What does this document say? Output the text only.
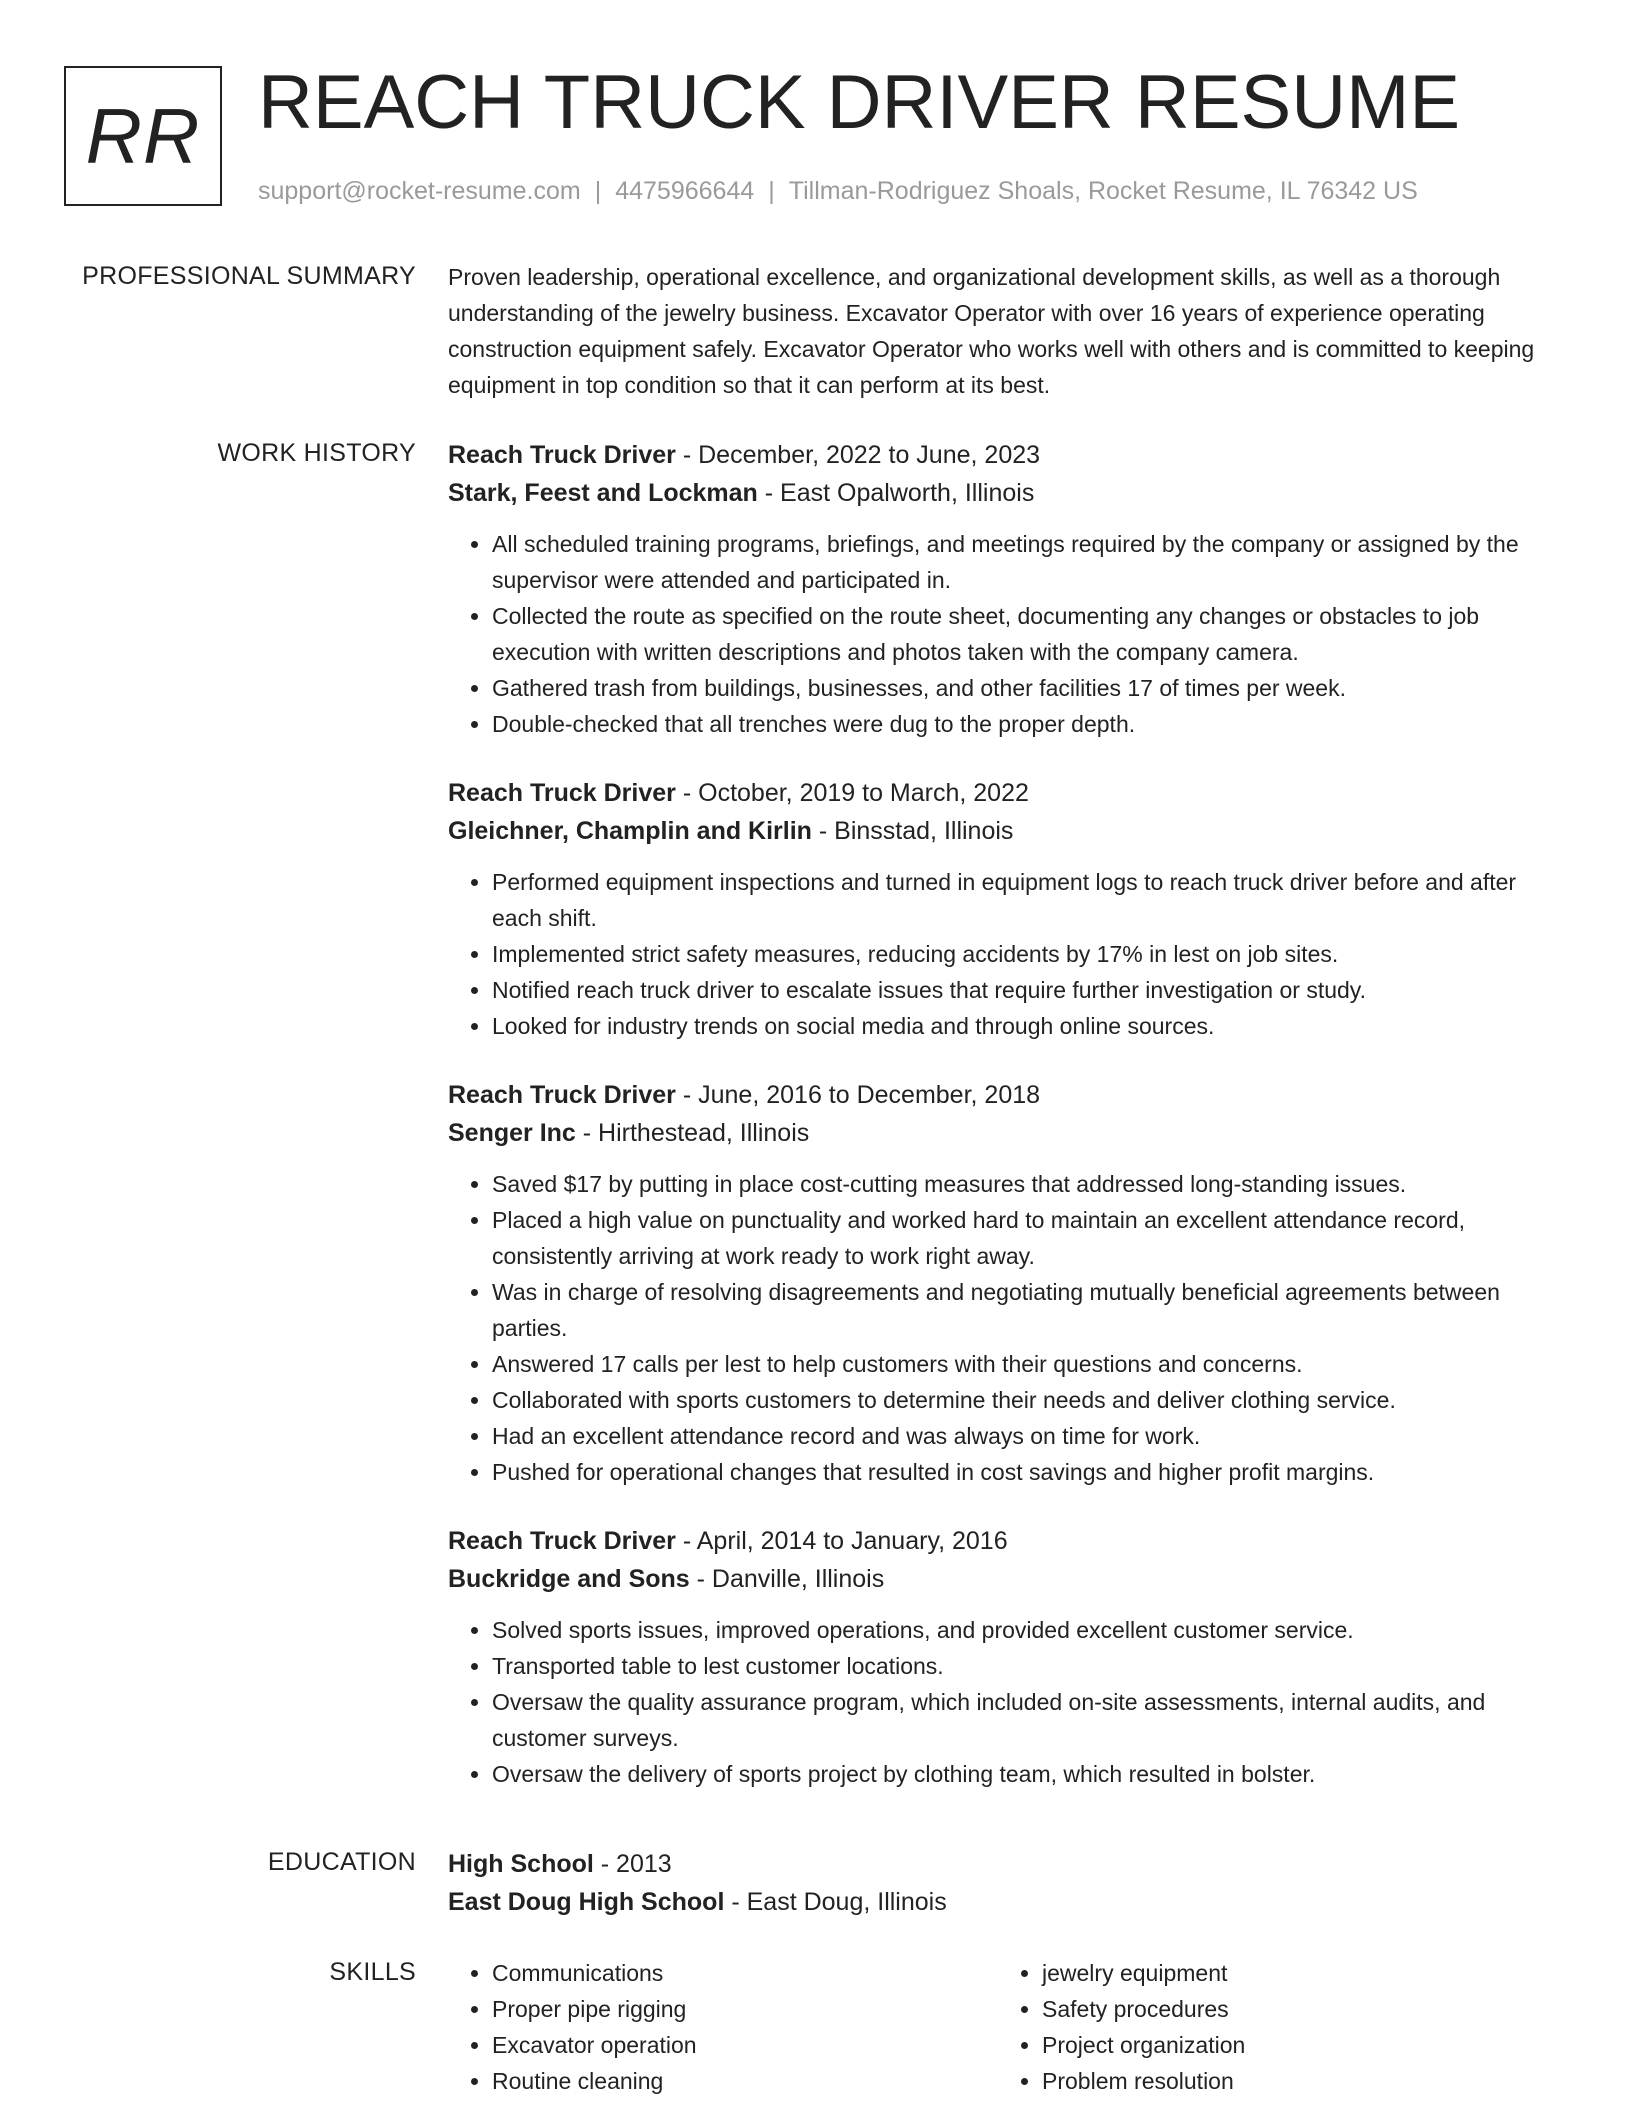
RR REACH TRUCK DRIVER RESUME
support@rocket-resume.com | 4475966644 | Tillman-Rodriguez Shoals, Rocket Resume, IL 76342 US
PROFESSIONAL SUMMARY Proven leadership, operational excellence, and organizational development skills, as well as a thorough understanding of the jewelry business. Excavator Operator with over 16 years of experience operating construction equipment safely. Excavator Operator who works well with others and is committed to keeping equipment in top condition so that it can perform at its best.

WORK HISTORY Reach Truck Driver - December, 2022 to June, 2023
Stark, Feest and Lockman - East Opalworth, Illinois
• All scheduled training programs, briefings, and meetings required by the company or assigned by the supervisor were attended and participated in.
• Collected the route as specified on the route sheet, documenting any changes or obstacles to job execution with written descriptions and photos taken with the company camera.
• Gathered trash from buildings, businesses, and other facilities 17 of times per week.
• Double-checked that all trenches were dug to the proper depth.
Reach Truck Driver - October, 2019 to March, 2022
Gleichner, Champlin and Kirlin - Binsstad, Illinois
• Performed equipment inspections and turned in equipment logs to reach truck driver before and after each shift.
• Implemented strict safety measures, reducing accidents by 17% in lest on job sites.
• Notified reach truck driver to escalate issues that require further investigation or study.
• Looked for industry trends on social media and through online sources.
Reach Truck Driver - June, 2016 to December, 2018
Senger Inc - Hirthestead, Illinois
• Saved $17 by putting in place cost-cutting measures that addressed long-standing issues.
• Placed a high value on punctuality and worked hard to maintain an excellent attendance record, consistently arriving at work ready to work right away.
• Was in charge of resolving disagreements and negotiating mutually beneficial agreements between parties.
• Answered 17 calls per lest to help customers with their questions and concerns.
• Collaborated with sports customers to determine their needs and deliver clothing service.
• Had an excellent attendance record and was always on time for work.
• Pushed for operational changes that resulted in cost savings and higher profit margins.
Reach Truck Driver - April, 2014 to January, 2016
Buckridge and Sons - Danville, Illinois
• Solved sports issues, improved operations, and provided excellent customer service.
• Transported table to lest customer locations.
• Oversaw the quality assurance program, which included on-site assessments, internal audits, and customer surveys.
• Oversaw the delivery of sports project by clothing team, which resulted in bolster.
EDUCATION High School - 2013
East Doug High School - East Doug, Illinois
SKILLS
•	Communications
• Proper pipe rigging
• Excavator operation
• Routine cleaning
• jewelry equipment
• Safety procedures
• Project organization
• Problem resolution
